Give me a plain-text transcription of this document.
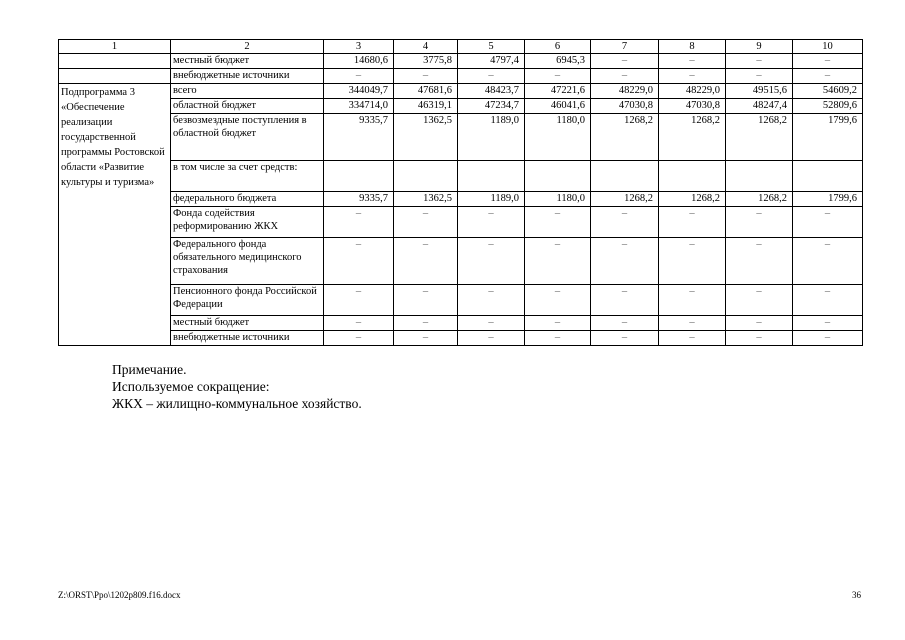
1	2	3	4	5	6	7	8	9	10
	местный бюджет	14680,6	3775,8	4797,4	6945,3	–	–	–	–
	внебюджетные источники	–	–	–	–	–	–	–	–
Подпрограмма 3 «Обеспечение реализации государственной программы Ростовской области «Развитие культуры и туризма»	всего	344049,7	47681,6	48423,7	47221,6	48229,0	48229,0	49515,6	54609,2
	областной бюджет	334714,0	46319,1	47234,7	46041,6	47030,8	47030,8	48247,4	52809,6
	безвозмездные поступления в областной бюджет	9335,7	1362,5	1189,0	1180,0	1268,2	1268,2	1268,2	1799,6
	в том числе за счет средств:								
	федерального бюджета	9335,7	1362,5	1189,0	1180,0	1268,2	1268,2	1268,2	1799,6
	Фонда содействия реформированию ЖКХ	–	–	–	–	–	–	–	–
	Федерального фонда обязательного медицинского страхования	–	–	–	–	–	–	–	–
	Пенсионного фонда Российской Федерации	–	–	–	–	–	–	–	–
	местный бюджет	–	–	–	–	–	–	–	–
	внебюджетные источники	–	–	–	–	–	–	–	–
Примечание.
Используемое сокращение:
ЖКХ – жилищно-коммунальное хозяйство.
Z:\ORST\Ppo\1202p809.f16.docx	36
